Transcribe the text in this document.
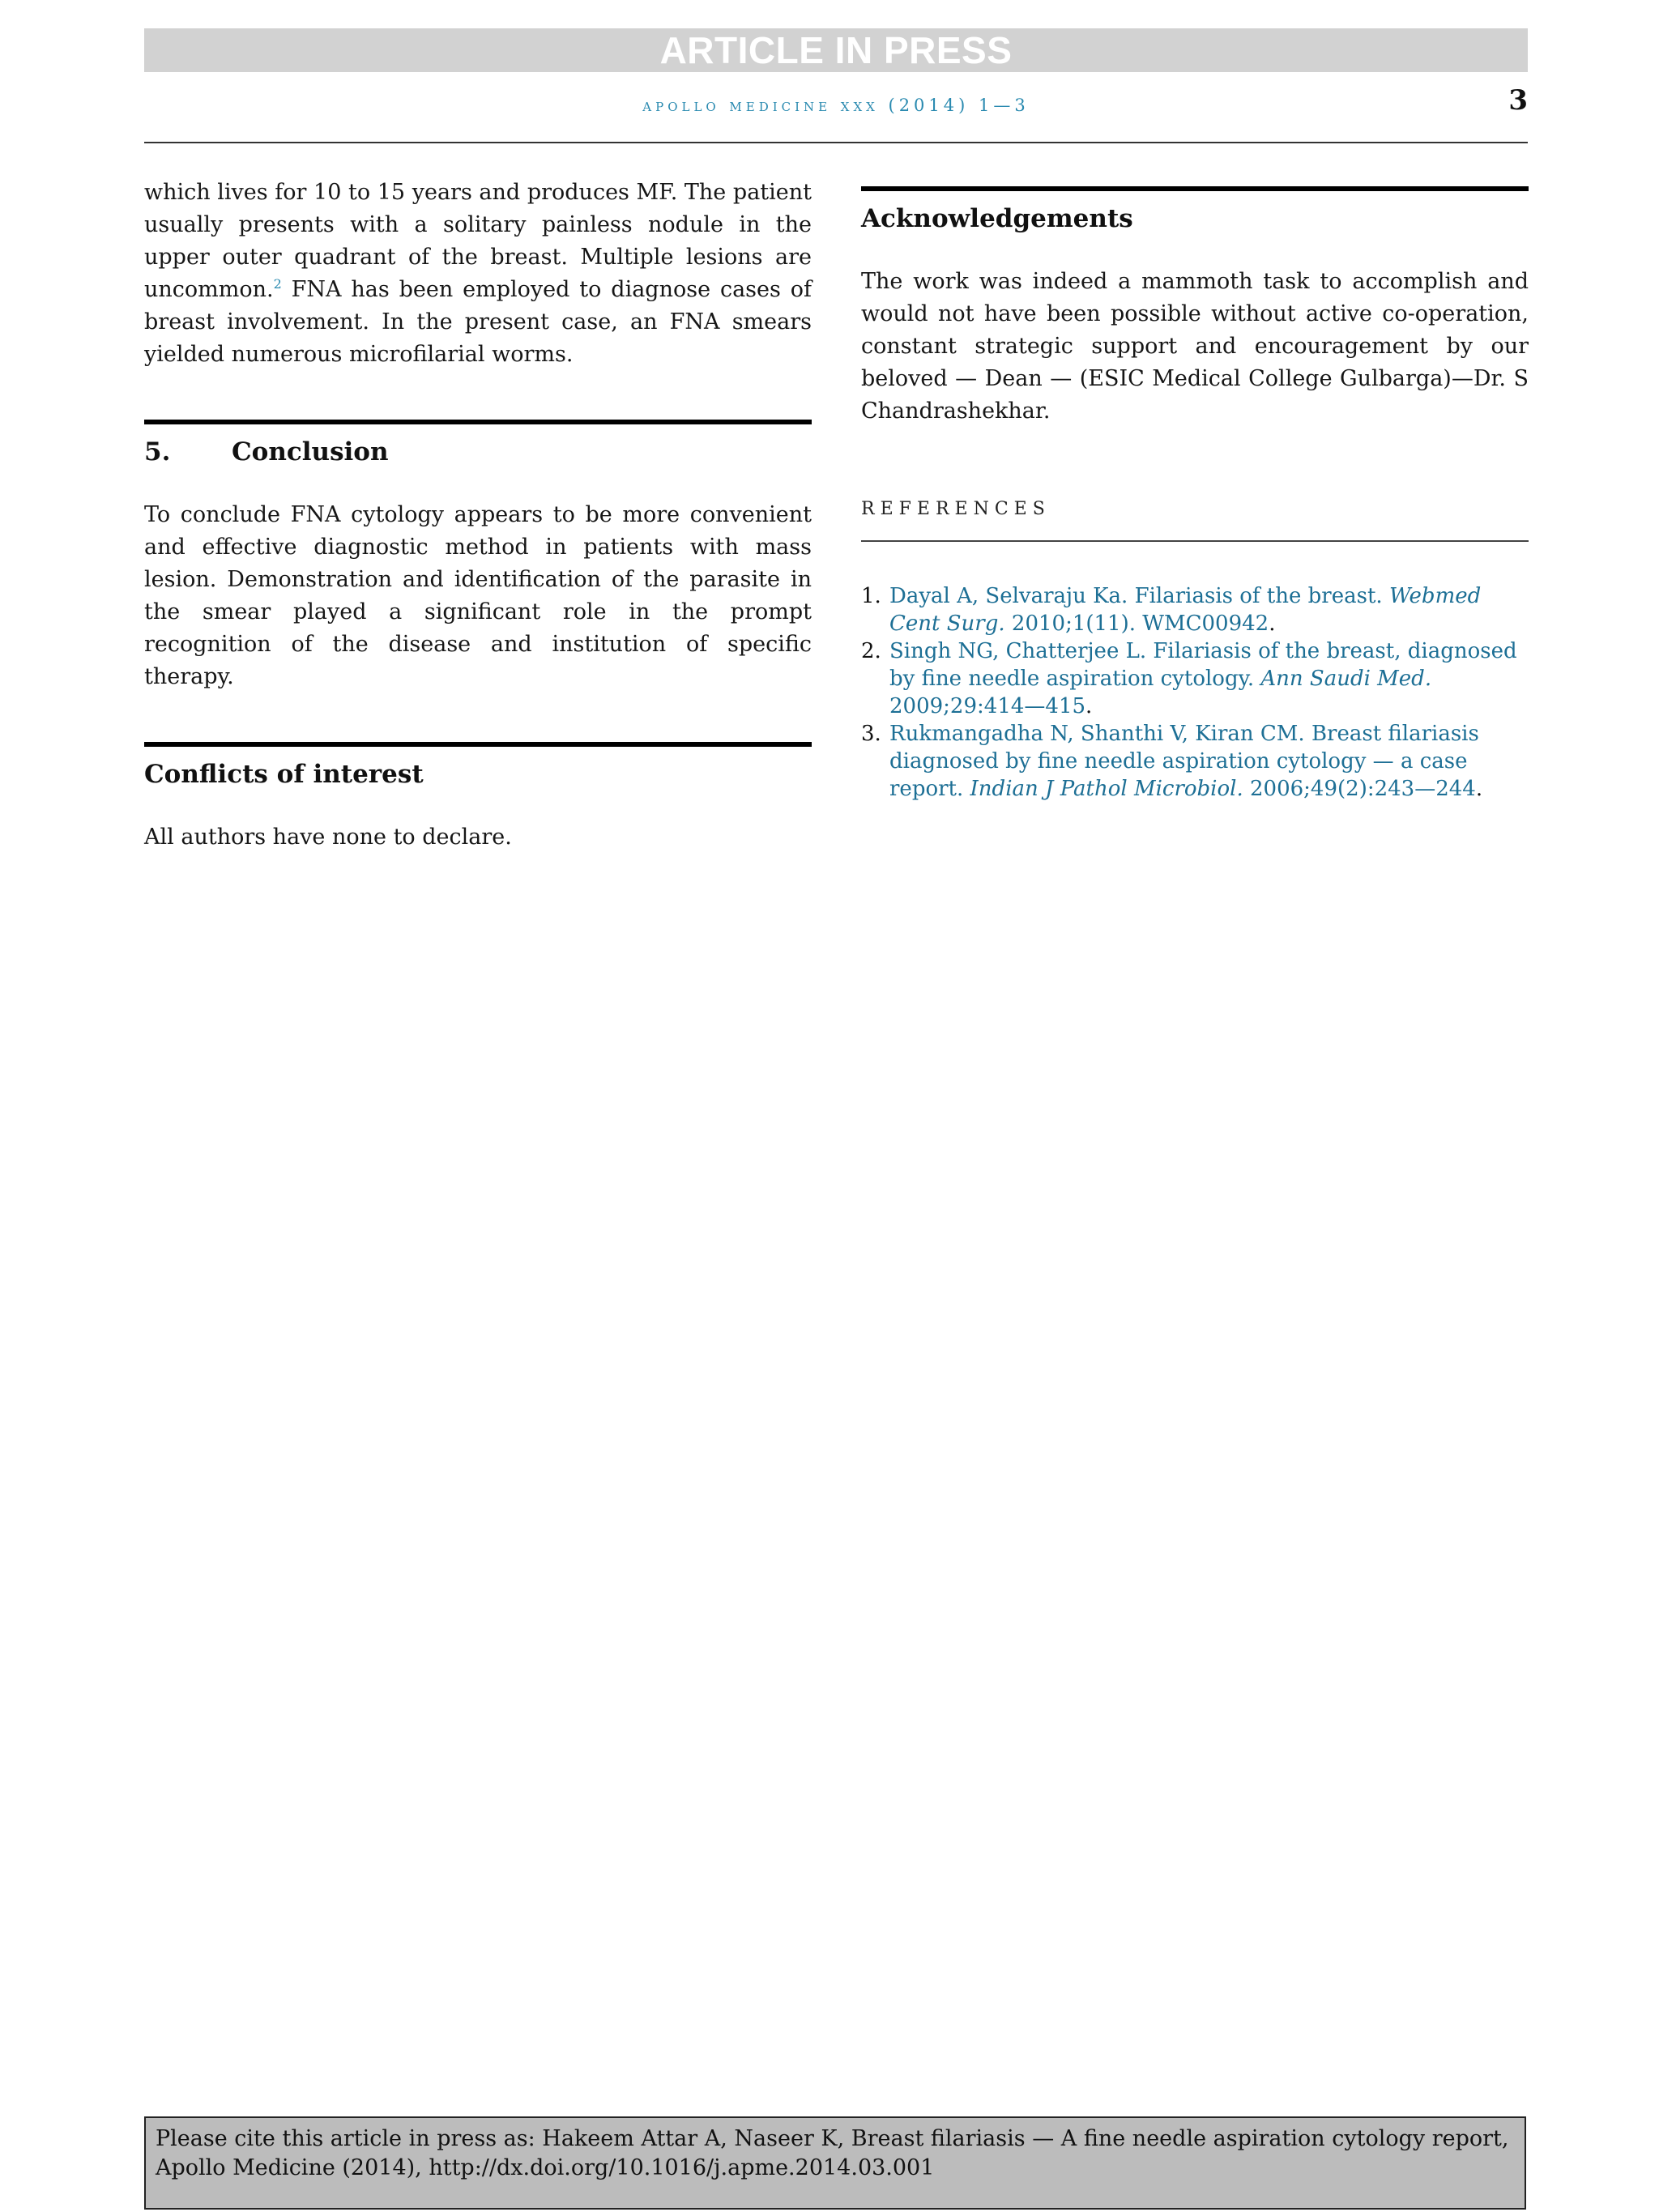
ARTICLE IN PRESS
apollo medicine xxx (2014) 1—3	3

which lives for 10 to 15 years and produces MF. The patient usually presents with a solitary painless nodule in the upper outer quadrant of the breast. Multiple lesions are uncommon.$^2$ FNA has been employed to diagnose cases of breast involvement. In the present case, an FNA smears yielded numerous microfilarial worms.

5. Conclusion

To conclude FNA cytology appears to be more convenient and effective diagnostic method in patients with mass lesion. Demonstration and identification of the parasite in the smear played a significant role in the prompt recognition of the disease and institution of specific therapy.

Conflicts of interest

All authors have none to declare.

Acknowledgements

The work was indeed a mammoth task to accomplish and would not have been possible without active co-operation, constant strategic support and encouragement by our beloved — Dean — (ESIC Medical College Gulbarga)—Dr. S Chandrashekhar.

REFERENCES

1. Dayal A, Selvaraju Ka. Filariasis of the breast. Webmed Cent Surg. 2010;1(11). WMC00942.
2. Singh NG, Chatterjee L. Filariasis of the breast, diagnosed by fine needle aspiration cytology. Ann Saudi Med. 2009;29:414—415.
3. Rukmangadha N, Shanthi V, Kiran CM. Breast filariasis diagnosed by fine needle aspiration cytology — a case report. Indian J Pathol Microbiol. 2006;49(2):243—244.
Please cite this article in press as: Hakeem Attar A, Naseer K, Breast filariasis — A fine needle aspiration cytology report, Apollo Medicine (2014), http://dx.doi.org/10.1016/j.apme.2014.03.001
